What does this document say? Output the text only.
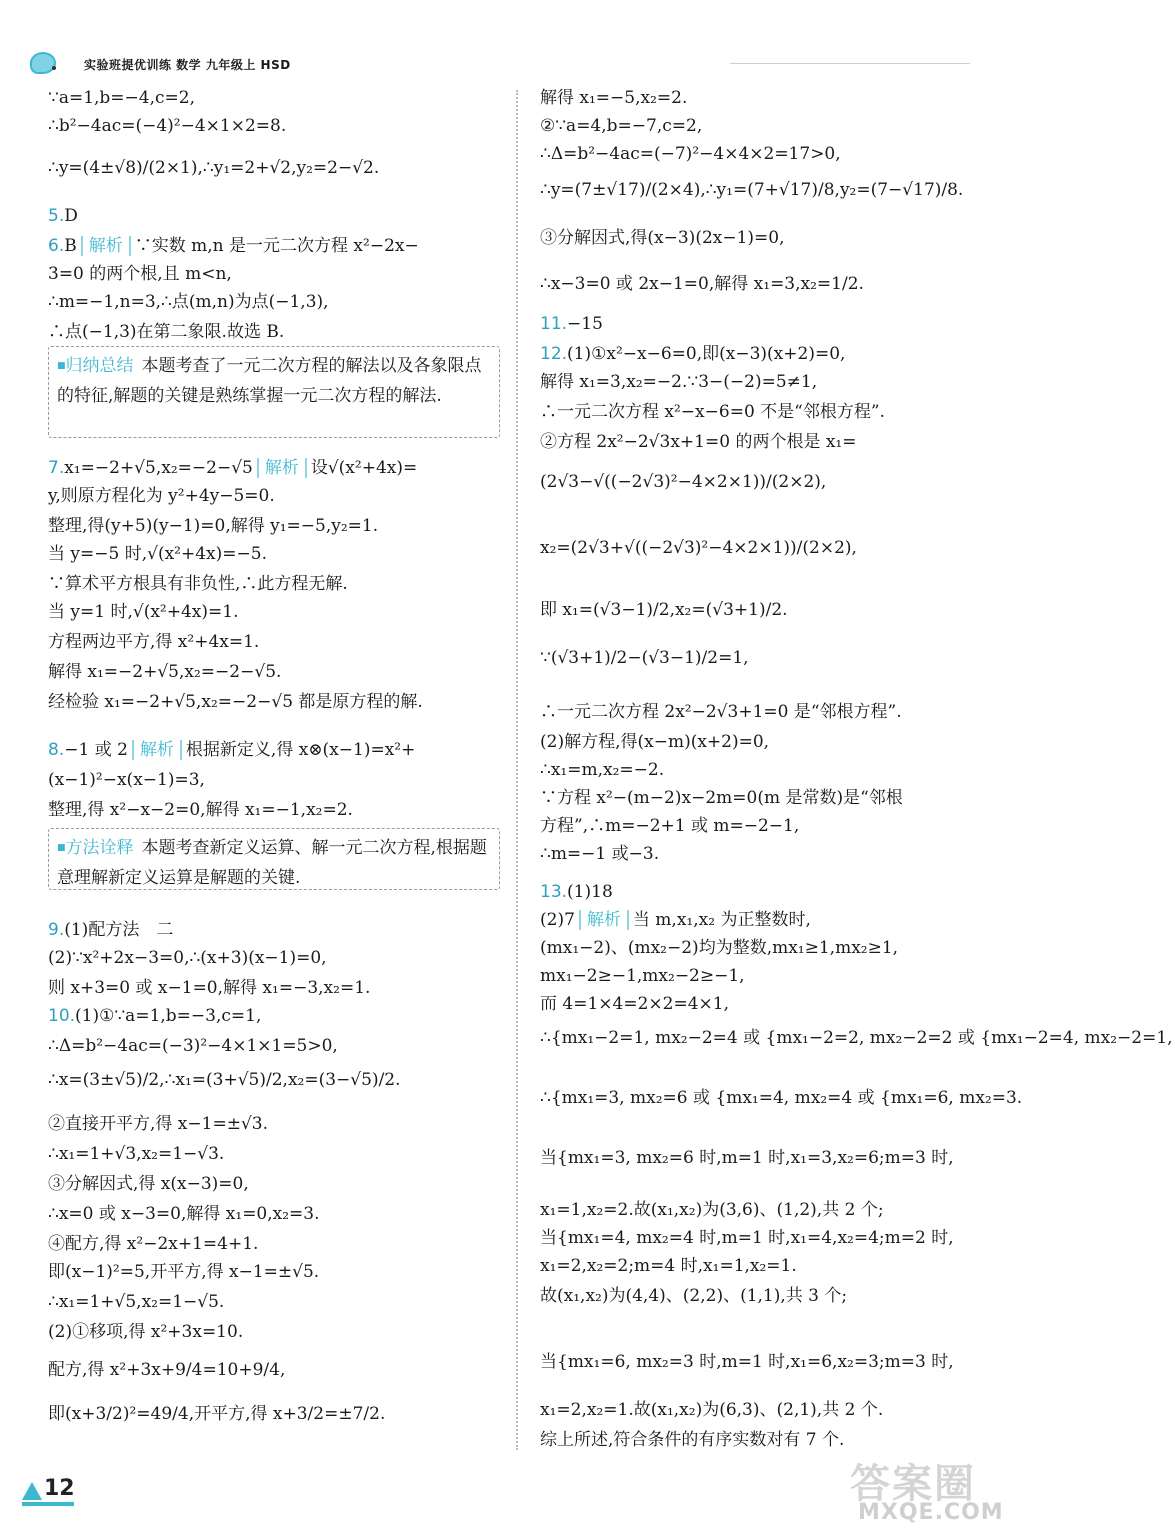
实验班提优训练 数学 九年级上 HSD
∵a=1,b=−4,c=2,
∴b²−4ac=(−4)²−4×1×2=8.
∴y=(4±√8)/(2×1),∴y₁=2+√2,y₂=2−√2.
5.D
6.B 解析 ∵实数 m,n 是一元二次方程 x²−2x−
3=0 的两个根,且 m<n,
∴m=−1,n=3,∴点(m,n)为点(−1,3),
∴点(−1,3)在第二象限.故选 B.
7.x₁=−2+√5,x₂=−2−√5 解析 设√(x²+4x)=
y,则原方程化为 y²+4y−5=0.
整理,得(y+5)(y−1)=0,解得 y₁=−5,y₂=1.
当 y=−5 时,√(x²+4x)=−5.
∵算术平方根具有非负性,∴此方程无解.
当 y=1 时,√(x²+4x)=1.
方程两边平方,得 x²+4x=1.
解得 x₁=−2+√5,x₂=−2−√5.
经检验 x₁=−2+√5,x₂=−2−√5 都是原方程的解.
8.−1 或 2 解析 根据新定义,得 x⊗(x−1)=x²+
(x−1)²−x(x−1)=3,
整理,得 x²−x−2=0,解得 x₁=−1,x₂=2.
9.(1)配方法　二
(2)∵x²+2x−3=0,∴(x+3)(x−1)=0,
则 x+3=0 或 x−1=0,解得 x₁=−3,x₂=1.
10.(1)①∵a=1,b=−3,c=1,
∴Δ=b²−4ac=(−3)²−4×1×1=5>0,
∴x=(3±√5)/2,∴x₁=(3+√5)/2,x₂=(3−√5)/2.
②直接开平方,得 x−1=±√3.
∴x₁=1+√3,x₂=1−√3.
③分解因式,得 x(x−3)=0,
∴x=0 或 x−3=0,解得 x₁=0,x₂=3.
④配方,得 x²−2x+1=4+1.
即(x−1)²=5,开平方,得 x−1=±√5.
∴x₁=1+√5,x₂=1−√5.
(2)①移项,得 x²+3x=10.
配方,得 x²+3x+9/4=10+9/4,
即(x+3/2)²=49/4,开平方,得 x+3/2=±7/2.
■ 归纳总结 本题考查了一元二次方程的解法以及各象限点的特征,解题的关键是熟练掌握一元二次方程的解法.
■ 方法诠释 本题考查新定义运算、解一元二次方程,根据题意理解新定义运算是解题的关键.
解得 x₁=−5,x₂=2.
②∵a=4,b=−7,c=2,
∴Δ=b²−4ac=(−7)²−4×4×2=17>0,
∴y=(7±√17)/(2×4),∴y₁=(7+√17)/8,y₂=(7−√17)/8.
③分解因式,得(x−3)(2x−1)=0,
∴x−3=0 或 2x−1=0,解得 x₁=3,x₂=1/2.
11.−15
12.(1)①x²−x−6=0,即(x−3)(x+2)=0,
解得 x₁=3,x₂=−2.∵3−(−2)=5≠1,
∴一元二次方程 x²−x−6=0 不是“邻根方程”.
②方程 2x²−2√3x+1=0 的两个根是 x₁=
(2√3−√((−2√3)²−4×2×1))/(2×2),
x₂=(2√3+√((−2√3)²−4×2×1))/(2×2),
即 x₁=(√3−1)/2,x₂=(√3+1)/2.
∵(√3+1)/2−(√3−1)/2=1,
∴一元二次方程 2x²−2√3+1=0 是“邻根方程”.
(2)解方程,得(x−m)(x+2)=0,
∴x₁=m,x₂=−2.
∵方程 x²−(m−2)x−2m=0(m 是常数)是“邻根
方程”,∴m=−2+1 或 m=−2−1,
∴m=−1 或−3.
13.(1)18
(2)7 解析 当 m,x₁,x₂ 为正整数时,
(mx₁−2)、(mx₂−2)均为整数,mx₁≥1,mx₂≥1,
mx₁−2≥−1,mx₂−2≥−1,
而 4=1×4=2×2=4×1,
∴{mx₁−2=1, mx₂−2=4 或 {mx₁−2=2, mx₂−2=2 或 {mx₁−2=4, mx₂−2=1,
∴{mx₁=3, mx₂=6 或 {mx₁=4, mx₂=4 或 {mx₁=6, mx₂=3.
当{mx₁=3, mx₂=6 时,m=1 时,x₁=3,x₂=6;m=3 时,
x₁=1,x₂=2.故(x₁,x₂)为(3,6)、(1,2),共 2 个;
当{mx₁=4, mx₂=4 时,m=1 时,x₁=4,x₂=4;m=2 时,
x₁=2,x₂=2;m=4 时,x₁=1,x₂=1.
故(x₁,x₂)为(4,4)、(2,2)、(1,1),共 3 个;
当{mx₁=6, mx₂=3 时,m=1 时,x₁=6,x₂=3;m=3 时,
x₁=2,x₂=1.故(x₁,x₂)为(6,3)、(2,1),共 2 个.
综上所述,符合条件的有序实数对有 7 个.
12	答案圈
MXQE.COM
